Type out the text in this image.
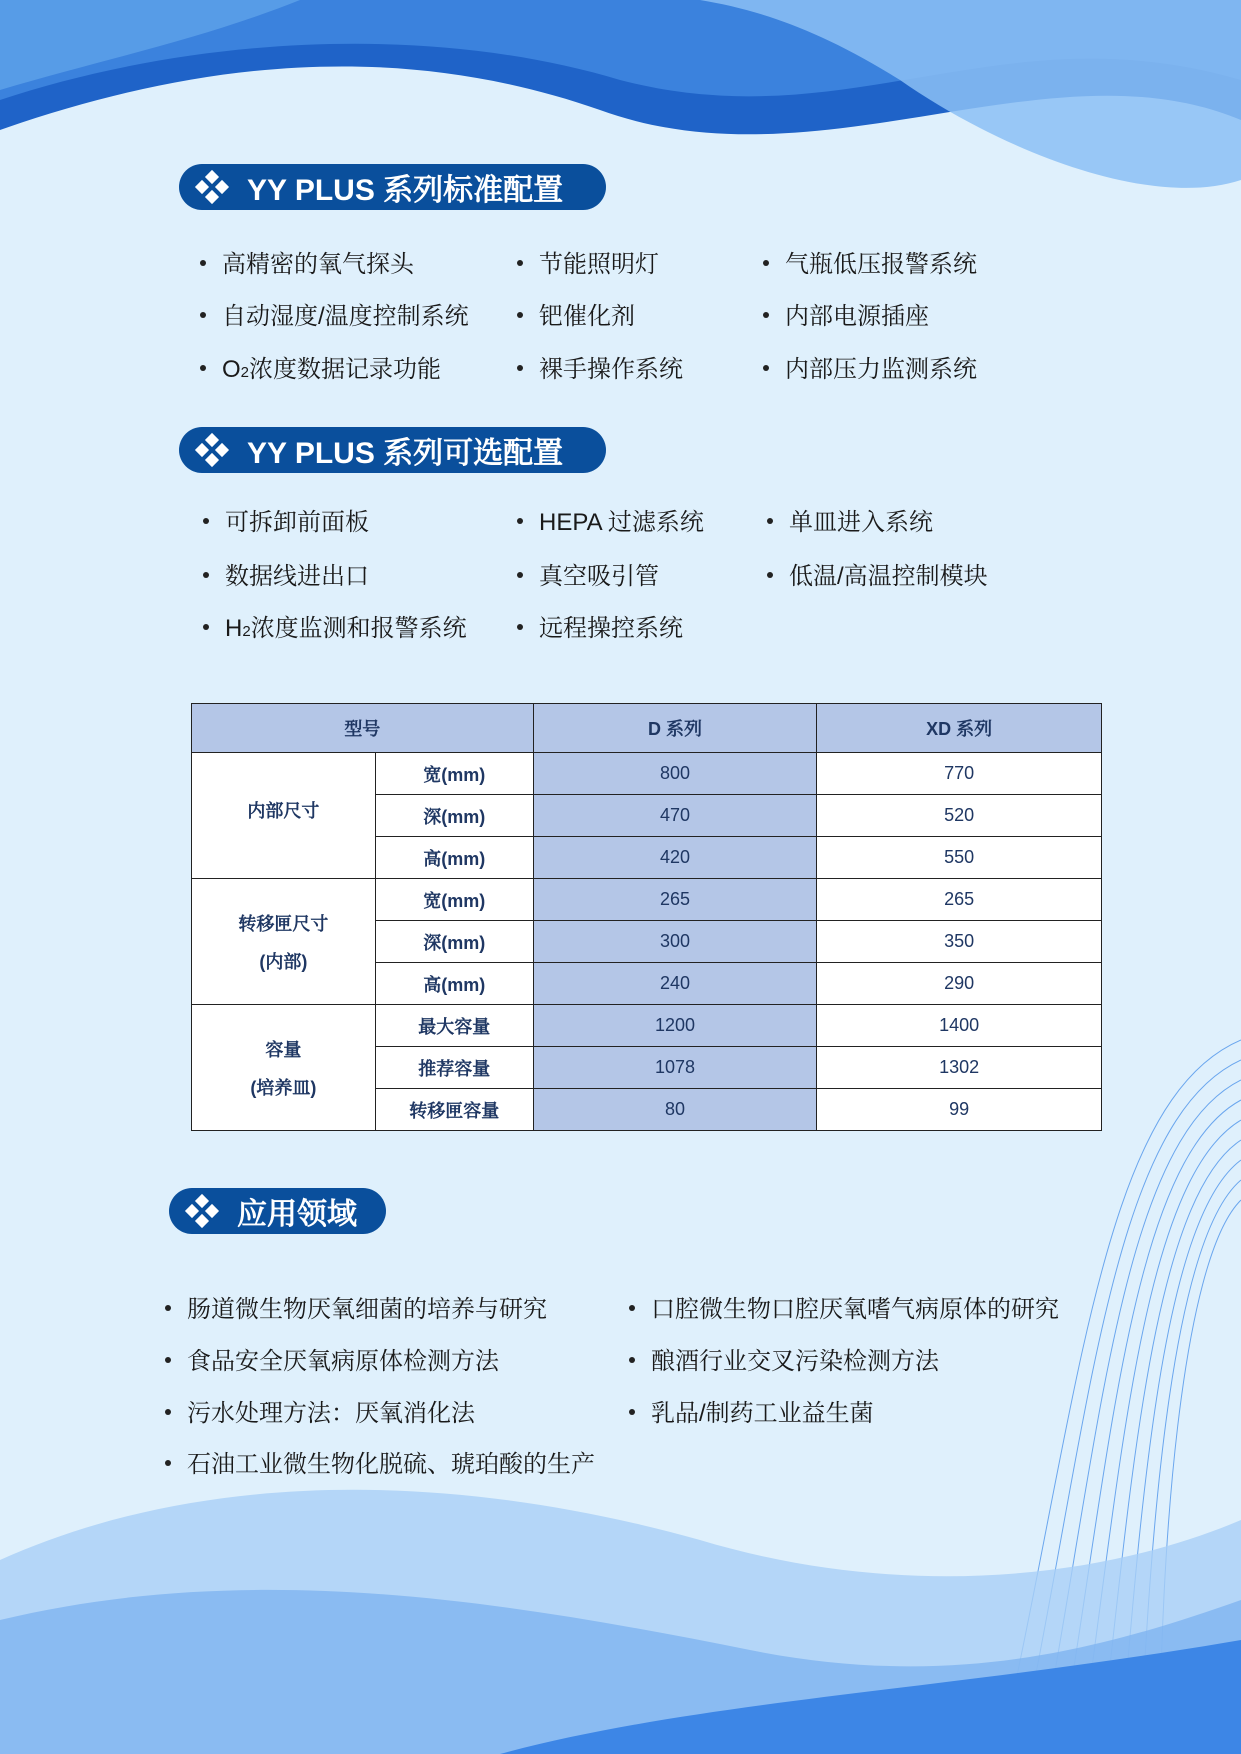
YY PLUS 系列标准配置
高精密的氧气探头	节能照明灯	气瓶低压报警系统
自动湿度/温度控制系统	钯催化剂	内部电源插座
O 2 浓度数据记录功能	裸手操作系统	内部压力监测系统
YY PLUS 系列可选配置
可拆卸前面板	HEPA 过滤系统	单皿进入系统
数据线进出口	真空吸引管	低温/高温控制模块
H 2 浓度监测和报警系统	远程操控系统
型号		D 系列	XD 系列

内部尺寸	宽(mm)	800	770
	深(mm)	470	520
	高(mm)	420	550

转移匣尺寸
(内部)	宽(mm)	265	265
	深(mm)	300	350
	高(mm)	240	290

容量
(培养皿)	最大容量	1200	1400
	推荐容量	1078	1302
	转移匣容量	80	99
应用领域
肠道微生物厌氧细菌的培养与研究	口腔微生物口腔厌氧嗜气病原体的研究
食品安全厌氧病原体检测方法	酿酒行业交叉污染检测方法
污水处理方法：厌氧消化法	乳品/制药工业益生菌
石油工业微生物化脱硫、琥珀酸的生产
